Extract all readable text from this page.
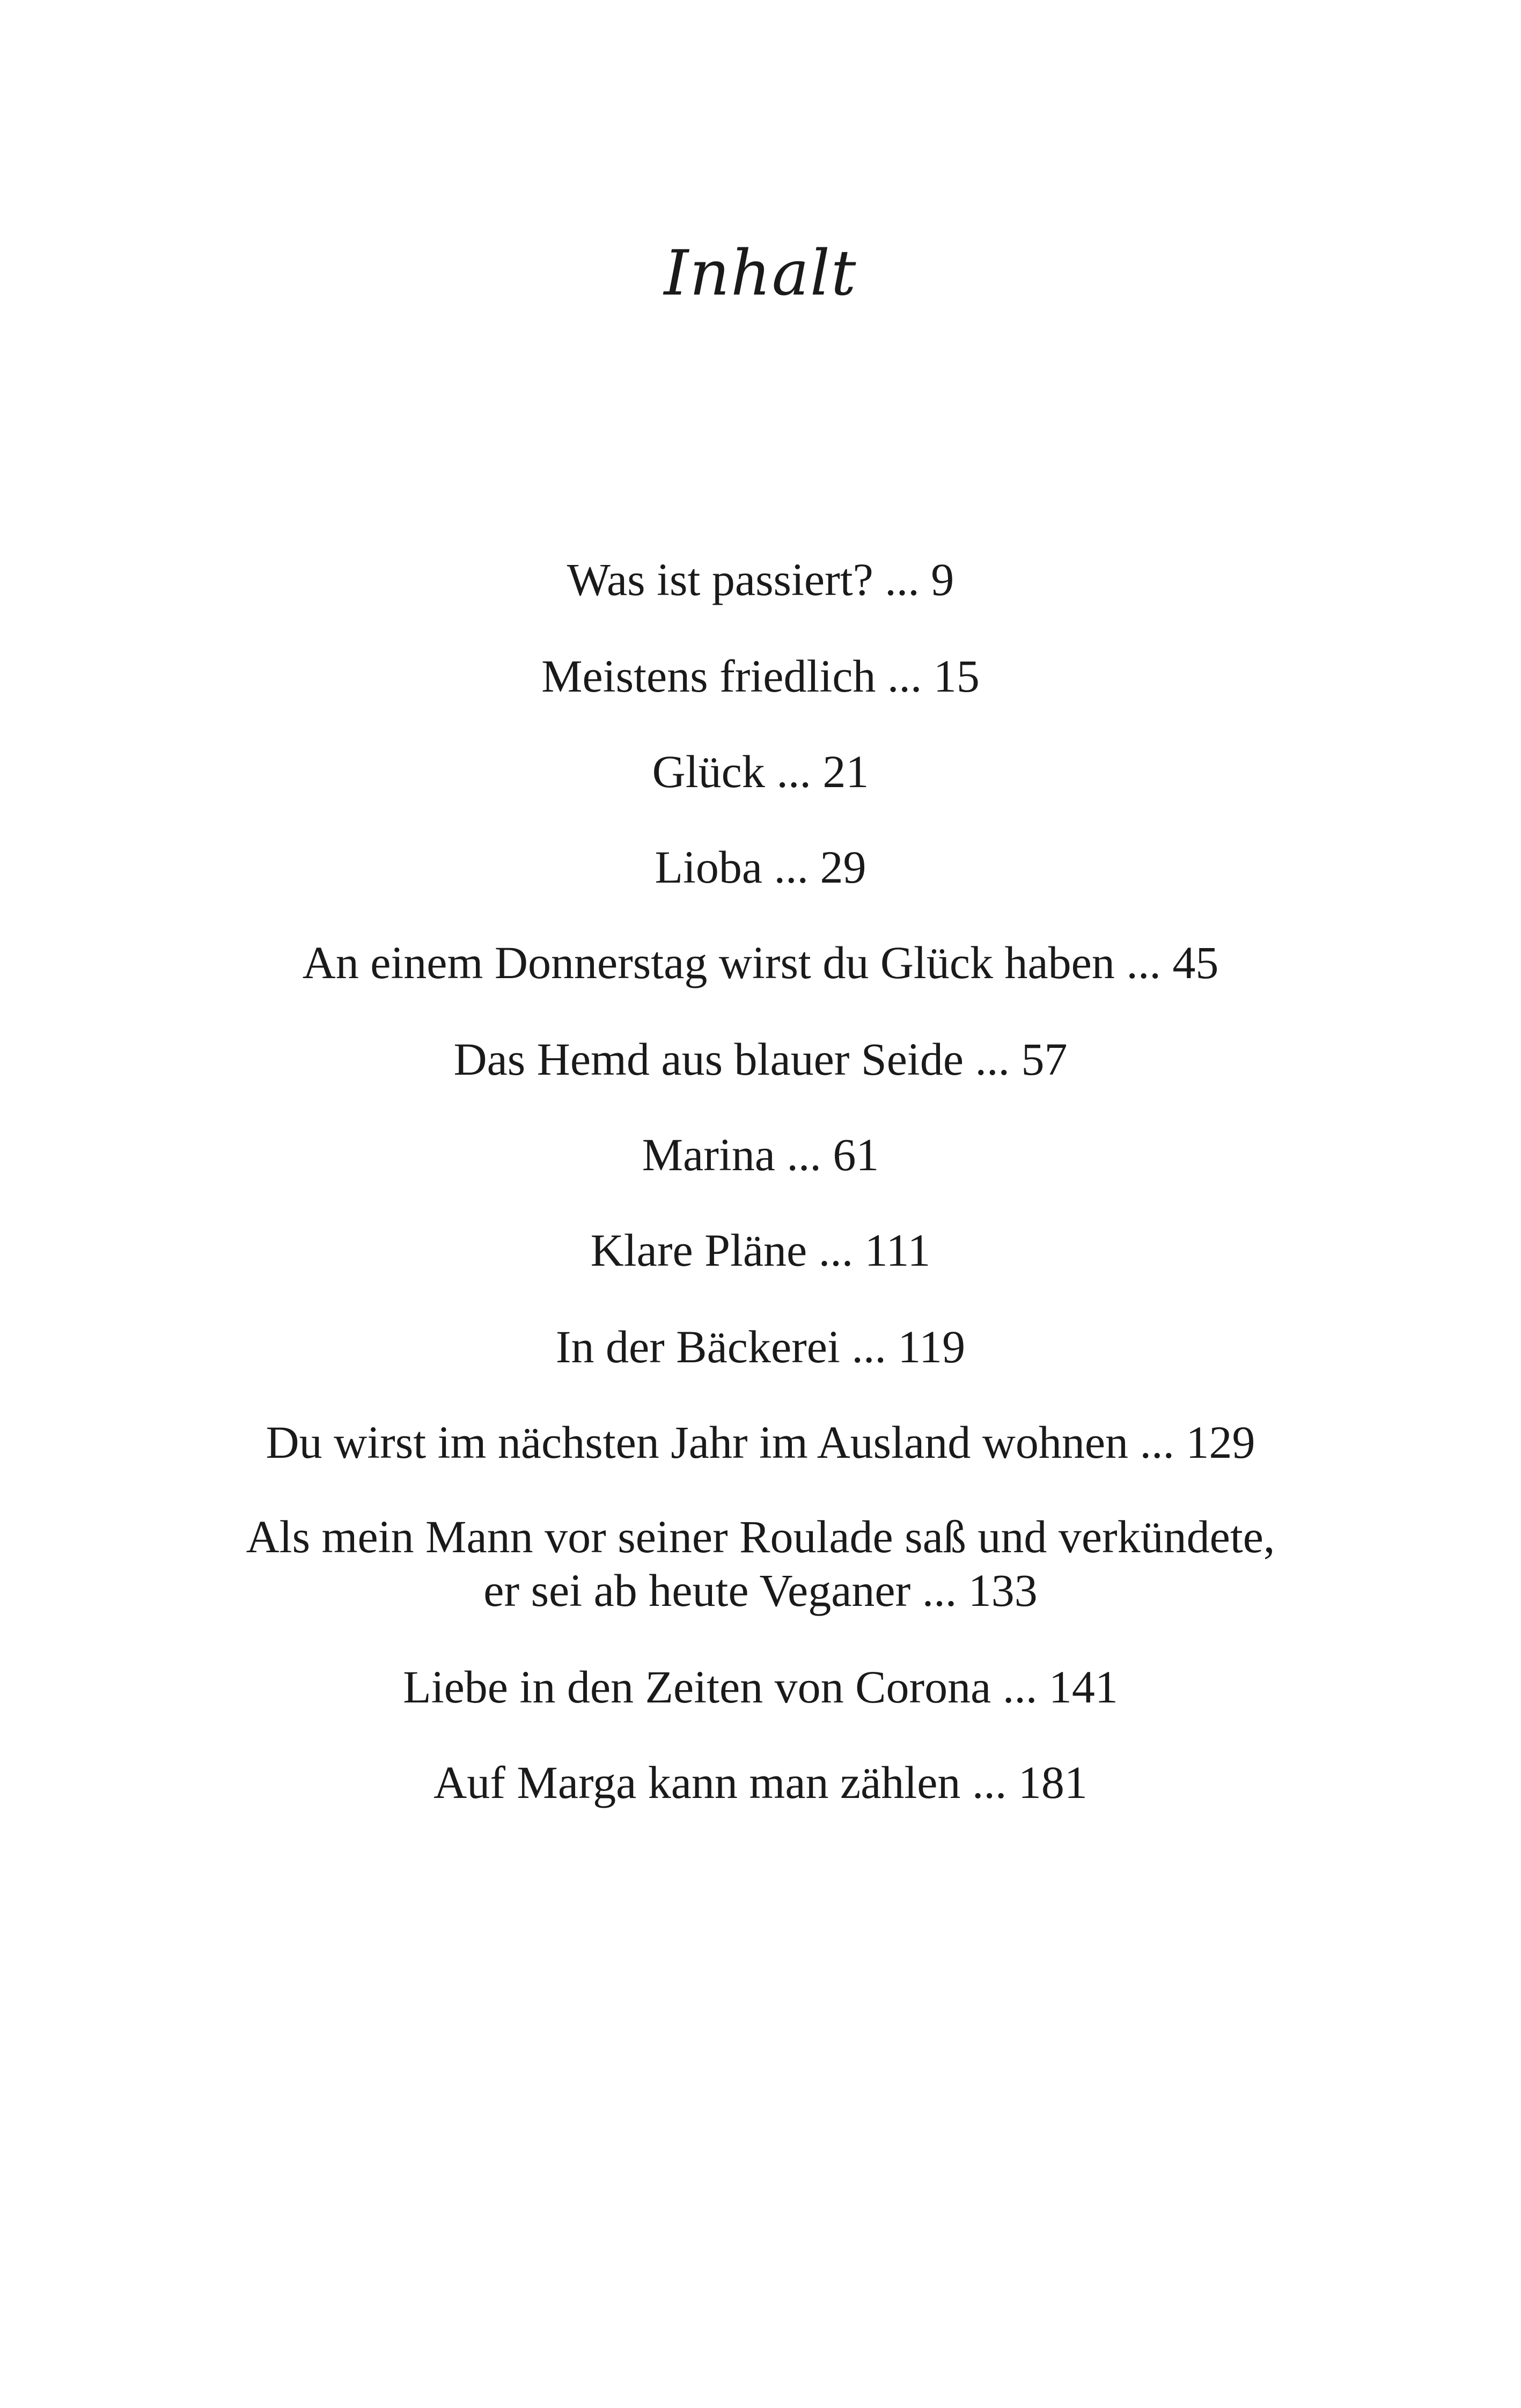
Inhalt
Was ist passiert? ... 9
Meistens friedlich ... 15
Glück ... 21
Lioba ... 29
An einem Donnerstag wirst du Glück haben ... 45
Das Hemd aus blauer Seide ... 57
Marina ... 61
Klare Pläne ... 111
In der Bäckerei ... 119
Du wirst im nächsten Jahr im Ausland wohnen ... 129
Als mein Mann vor seiner Roulade saß und verkündete,
er sei ab heute Veganer ... 133
Liebe in den Zeiten von Corona ... 141
Auf Marga kann man zählen ... 181
